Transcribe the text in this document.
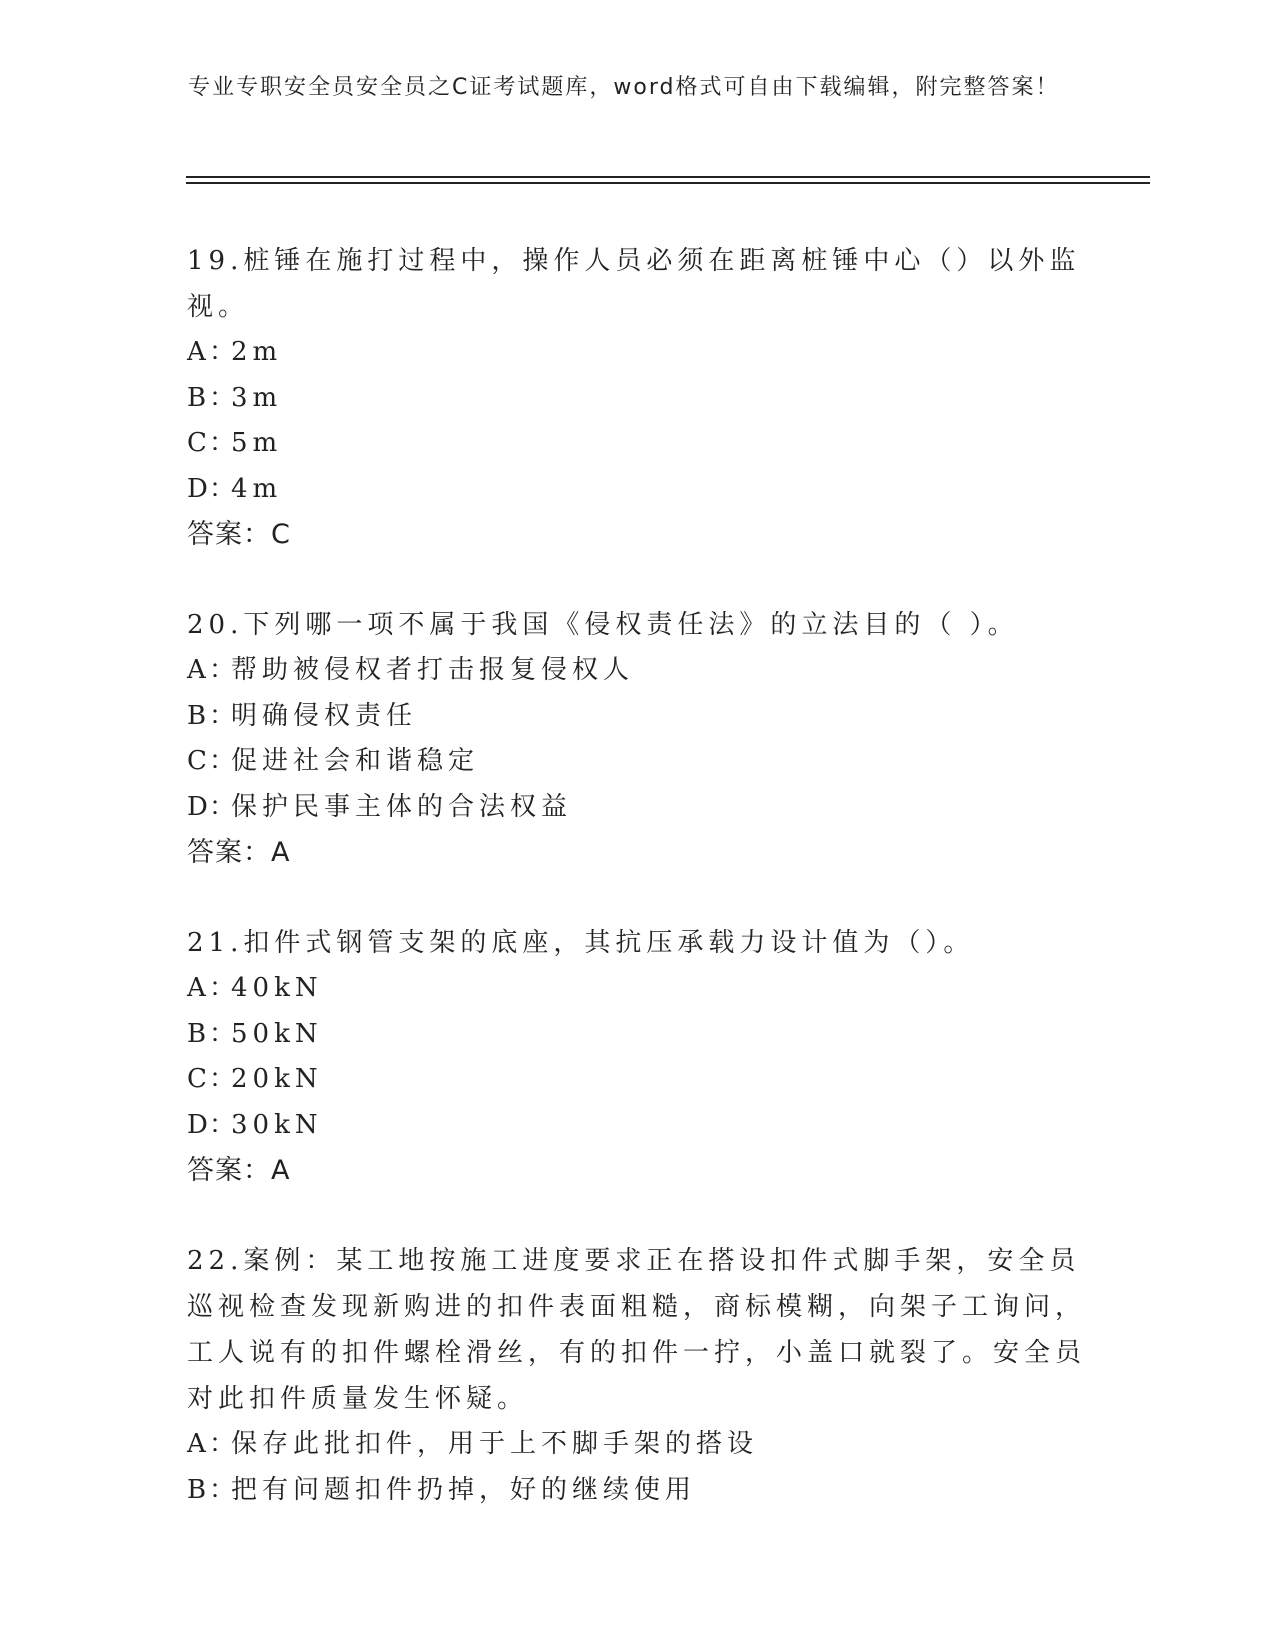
专业专职安全员安全员之C证考试题库，word格式可自由下载编辑，附完整答案！

19.桩锤在施打过程中，操作人员必须在距离桩锤中心（）以外监视。

A：2m
B：3m
C：5m
D：4m
答案：C

20.下列哪一项不属于我国《侵权责任法》的立法目的（ ）。

A：帮助被侵权者打击报复侵权人
B：明确侵权责任
C：促进社会和谐稳定
D：保护民事主体的合法权益
答案：A

21.扣件式钢管支架的底座，其抗压承载力设计值为（）。

A：40kN
B：50kN
C：20kN
D：30kN
答案：A

22.案例：某工地按施工进度要求正在搭设扣件式脚手架，安全员巡视检查发现新购进的扣件表面粗糙，商标模糊，向架子工询问，工人说有的扣件螺栓滑丝，有的扣件一拧，小盖口就裂了。安全员对此扣件质量发生怀疑。

A：保存此批扣件，用于上不脚手架的搭设
B：把有问题扣件扔掉，好的继续使用
